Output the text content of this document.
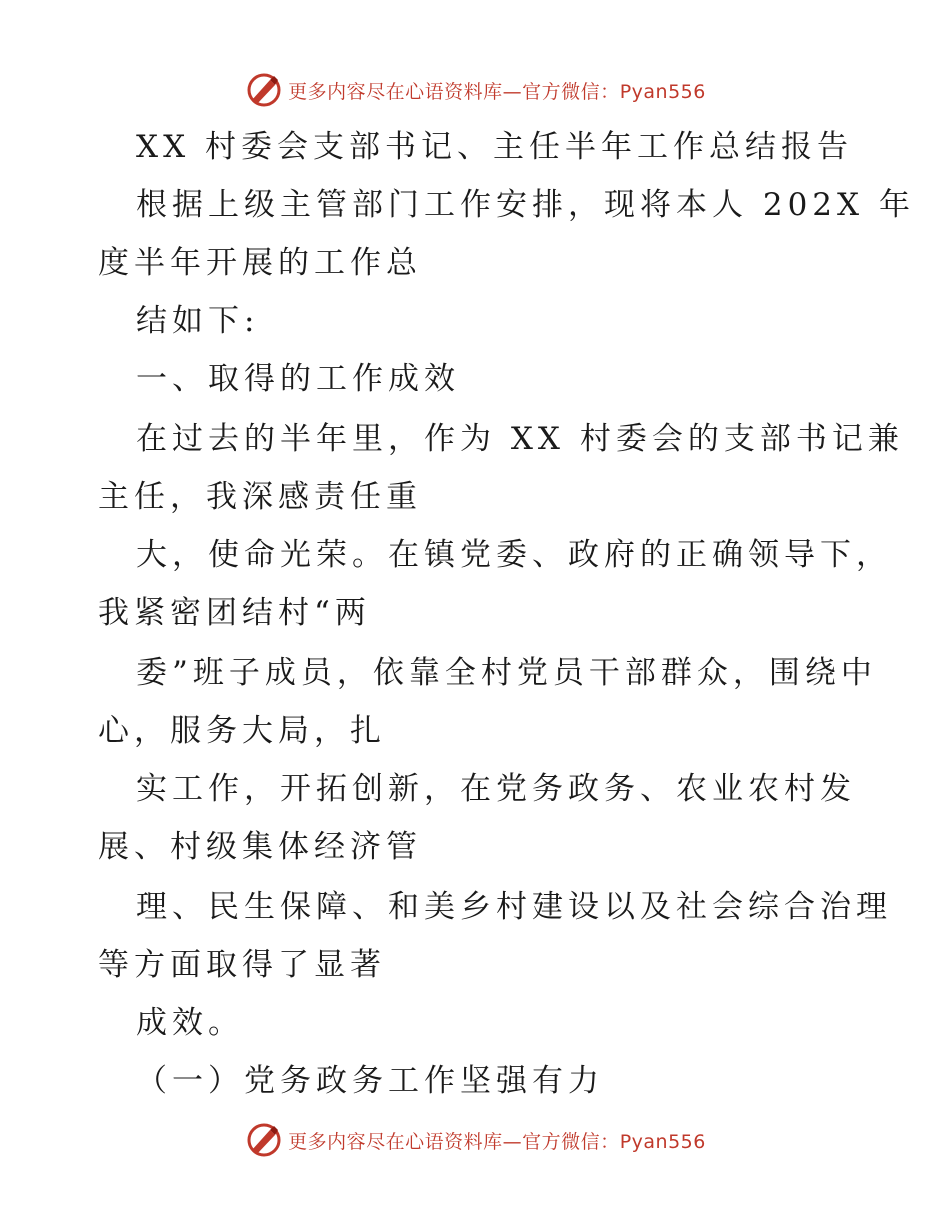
更多内容尽在心语资料库—官方微信：Pyan556
XX 村委会支部书记、主任半年工作总结报告
根据上级主管部门工作安排，现将本人 202X 年
度半年开展的工作总
结如下:
一、取得的工作成效
在过去的半年里，作为 XX 村委会的支部书记兼
主任，我深感责任重
大，使命光荣。在镇党委、政府的正确领导下，
我紧密团结村“两
委”班子成员，依靠全村党员干部群众，围绕中
心，服务大局，扎
实工作，开拓创新，在党务政务、农业农村发
展、村级集体经济管
理、民生保障、和美乡村建设以及社会综合治理
等方面取得了显著
成效。
（一）党务政务工作坚强有力
更多内容尽在心语资料库—官方微信：Pyan556
